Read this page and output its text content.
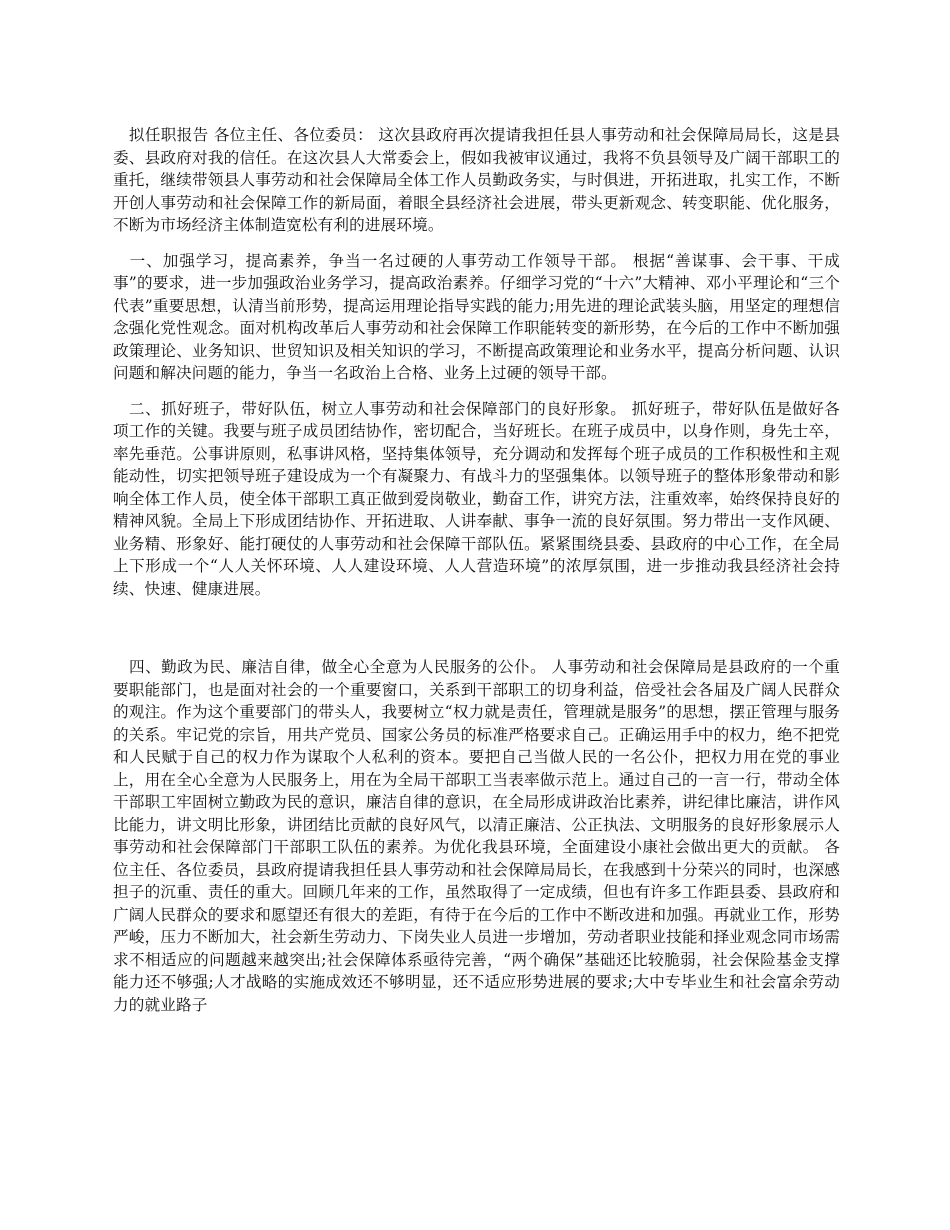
　拟任职报告 各位主任、各位委员： 这次县政府再次提请我担任县人事劳动和社会保障局局长，这是县委、县政府对我的信任。在这次县人大常委会上，假如我被审议通过，我将不负县领导及广阔干部职工的重托，继续带领县人事劳动和社会保障局全体工作人员勤政务实，与时俱进，开拓进取，扎实工作，不断开创人事劳动和社会保障工作的新局面，着眼全县经济社会进展，带头更新观念、转变职能、优化服务，不断为市场经济主体制造宽松有利的进展环境。

　一、加强学习，提高素养，争当一名过硬的人事劳动工作领导干部。 根据“善谋事、会干事、干成事”的要求，进一步加强政治业务学习，提高政治素养。仔细学习党的“十六”大精神、邓小平理论和“三个代表”重要思想，认清当前形势，提高运用理论指导实践的能力;用先进的理论武装头脑，用坚定的理想信念强化党性观念。面对机构改革后人事劳动和社会保障工作职能转变的新形势，在今后的工作中不断加强政策理论、业务知识、世贸知识及相关知识的学习，不断提高政策理论和业务水平，提高分析问题、认识问题和解决问题的能力，争当一名政治上合格、业务上过硬的领导干部。

　二、抓好班子，带好队伍，树立人事劳动和社会保障部门的良好形象。 抓好班子，带好队伍是做好各项工作的关键。我要与班子成员团结协作，密切配合，当好班长。在班子成员中，以身作则，身先士卒，率先垂范。公事讲原则，私事讲风格，坚持集体领导，充分调动和发挥每个班子成员的工作积极性和主观能动性，切实把领导班子建设成为一个有凝聚力、有战斗力的坚强集体。以领导班子的整体形象带动和影响全体工作人员，使全体干部职工真正做到爱岗敬业，勤奋工作，讲究方法，注重效率，始终保持良好的精神风貌。全局上下形成团结协作、开拓进取、人讲奉献、事争一流的良好氛围。努力带出一支作风硬、业务精、形象好、能打硬仗的人事劳动和社会保障干部队伍。紧紧围绕县委、县政府的中心工作，在全局上下形成一个“人人关怀环境、人人建设环境、人人营造环境”的浓厚氛围，进一步推动我县经济社会持续、快速、健康进展。

　四、勤政为民、廉洁自律，做全心全意为人民服务的公仆。 人事劳动和社会保障局是县政府的一个重要职能部门，也是面对社会的一个重要窗口，关系到干部职工的切身利益，倍受社会各届及广阔人民群众的观注。作为这个重要部门的带头人，我要树立“权力就是责任，管理就是服务”的思想，摆正管理与服务的关系。牢记党的宗旨，用共产党员、国家公务员的标准严格要求自己。正确运用手中的权力，绝不把党和人民赋于自己的权力作为谋取个人私利的资本。要把自己当做人民的一名公仆，把权力用在党的事业上，用在全心全意为人民服务上，用在为全局干部职工当表率做示范上。通过自己的一言一行，带动全体干部职工牢固树立勤政为民的意识，廉洁自律的意识，在全局形成讲政治比素养，讲纪律比廉洁，讲作风比能力，讲文明比形象，讲团结比贡献的良好风气，以清正廉洁、公正执法、文明服务的良好形象展示人事劳动和社会保障部门干部职工队伍的素养。为优化我县环境，全面建设小康社会做出更大的贡献。 各位主任、各位委员，县政府提请我担任县人事劳动和社会保障局局长，在我感到十分荣兴的同时，也深感担子的沉重、责任的重大。回顾几年来的工作，虽然取得了一定成绩，但也有许多工作距县委、县政府和广阔人民群众的要求和愿望还有很大的差距，有待于在今后的工作中不断改进和加强。再就业工作，形势严峻，压力不断加大，社会新生劳动力、下岗失业人员进一步增加，劳动者职业技能和择业观念同市场需求不相适应的问题越来越突出;社会保障体系亟待完善，“两个确保”基础还比较脆弱，社会保险基金支撑能力还不够强;人才战略的实施成效还不够明显，还不适应形势进展的要求;大中专毕业生和社会富余劳动力的就业路子
